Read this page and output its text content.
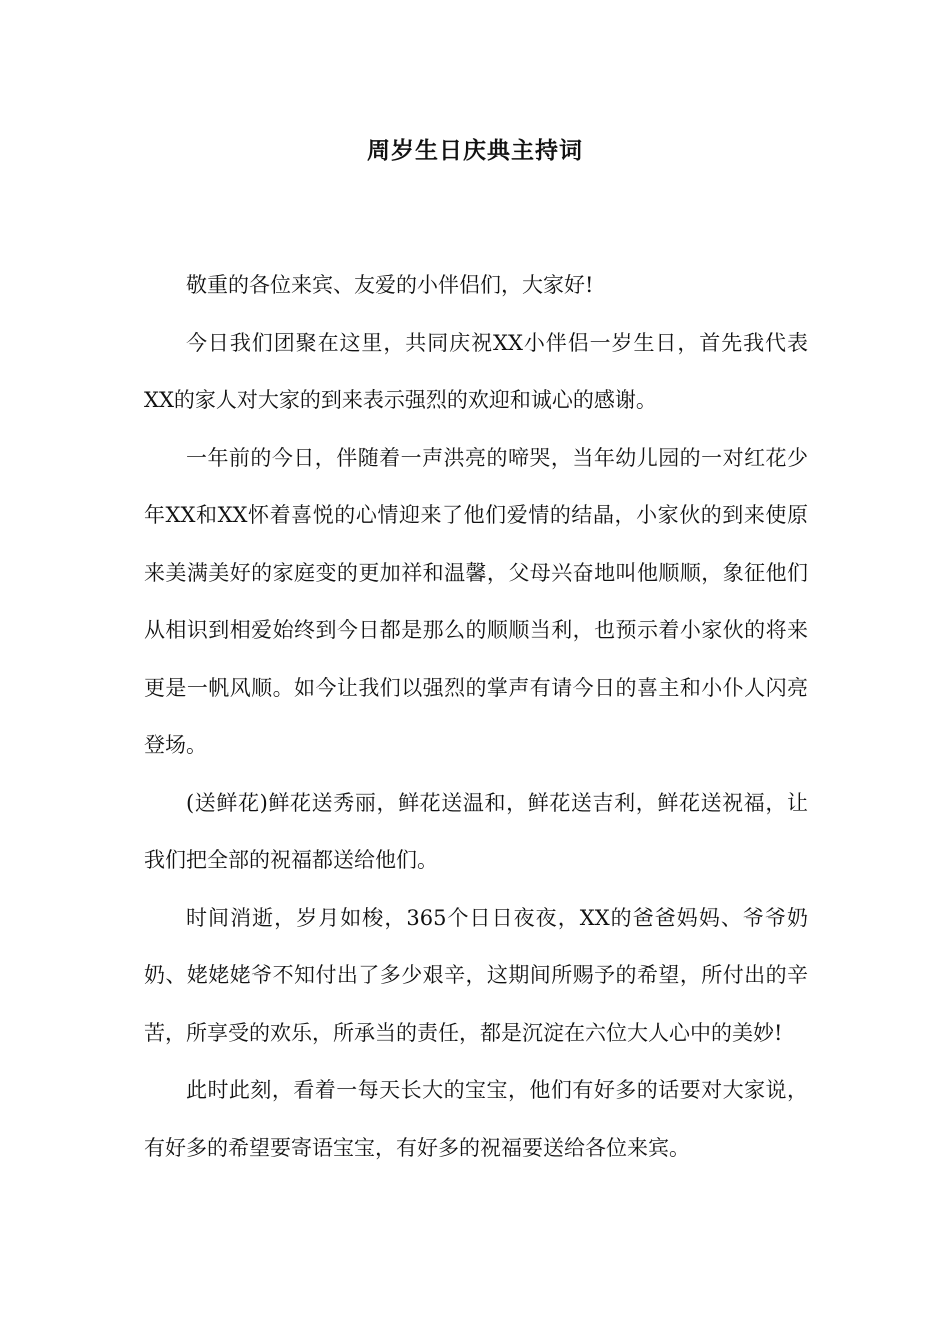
周岁生日庆典主持词

敬重的各位来宾、友爱的小伴侣们，大家好!

今日我们团聚在这里，共同庆祝XX小伴侣一岁生日，首先我代表XX的家人对大家的到来表示强烈的欢迎和诚心的感谢。

一年前的今日，伴随着一声洪亮的啼哭，当年幼儿园的一对红花少年XX和XX怀着喜悦的心情迎来了他们爱情的结晶，小家伙的到来使原来美满美好的家庭变的更加祥和温馨，父母兴奋地叫他顺顺，象征他们从相识到相爱始终到今日都是那么的顺顺当利，也预示着小家伙的将来更是一帆风顺。如今让我们以强烈的掌声有请今日的喜主和小仆人闪亮登场。

(送鲜花)鲜花送秀丽，鲜花送温和，鲜花送吉利，鲜花送祝福，让我们把全部的祝福都送给他们。

时间消逝，岁月如梭，365个日日夜夜，XX的爸爸妈妈、爷爷奶奶、姥姥姥爷不知付出了多少艰辛，这期间所赐予的希望，所付出的辛苦，所享受的欢乐，所承当的责任，都是沉淀在六位大人心中的美妙!

此时此刻，看着一每天长大的宝宝，他们有好多的话要对大家说，有好多的希望要寄语宝宝，有好多的祝福要送给各位来宾。
